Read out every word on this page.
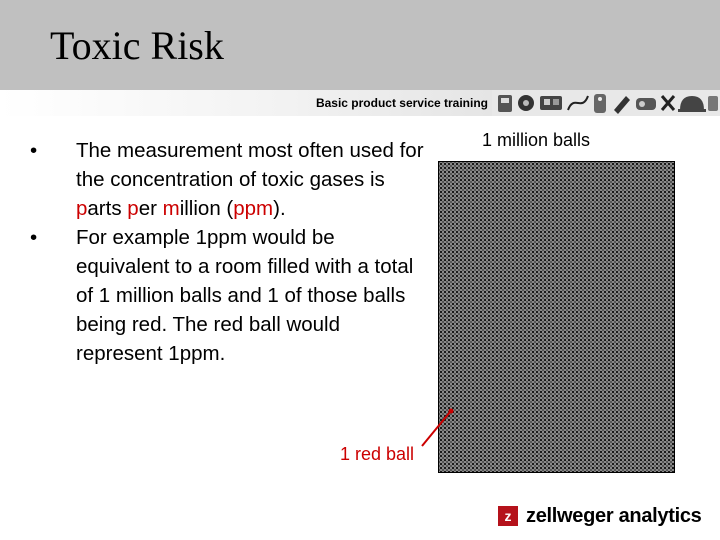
Toxic Risk
Basic product service training
• The measurement most often used for the concentration of toxic gases is parts per million (ppm).
• For example 1ppm would be equivalent to a room filled with a total of 1 million balls and 1 of those balls being red. The red ball would represent 1ppm.
1 million balls
1 red ball
z zellweger analytics
